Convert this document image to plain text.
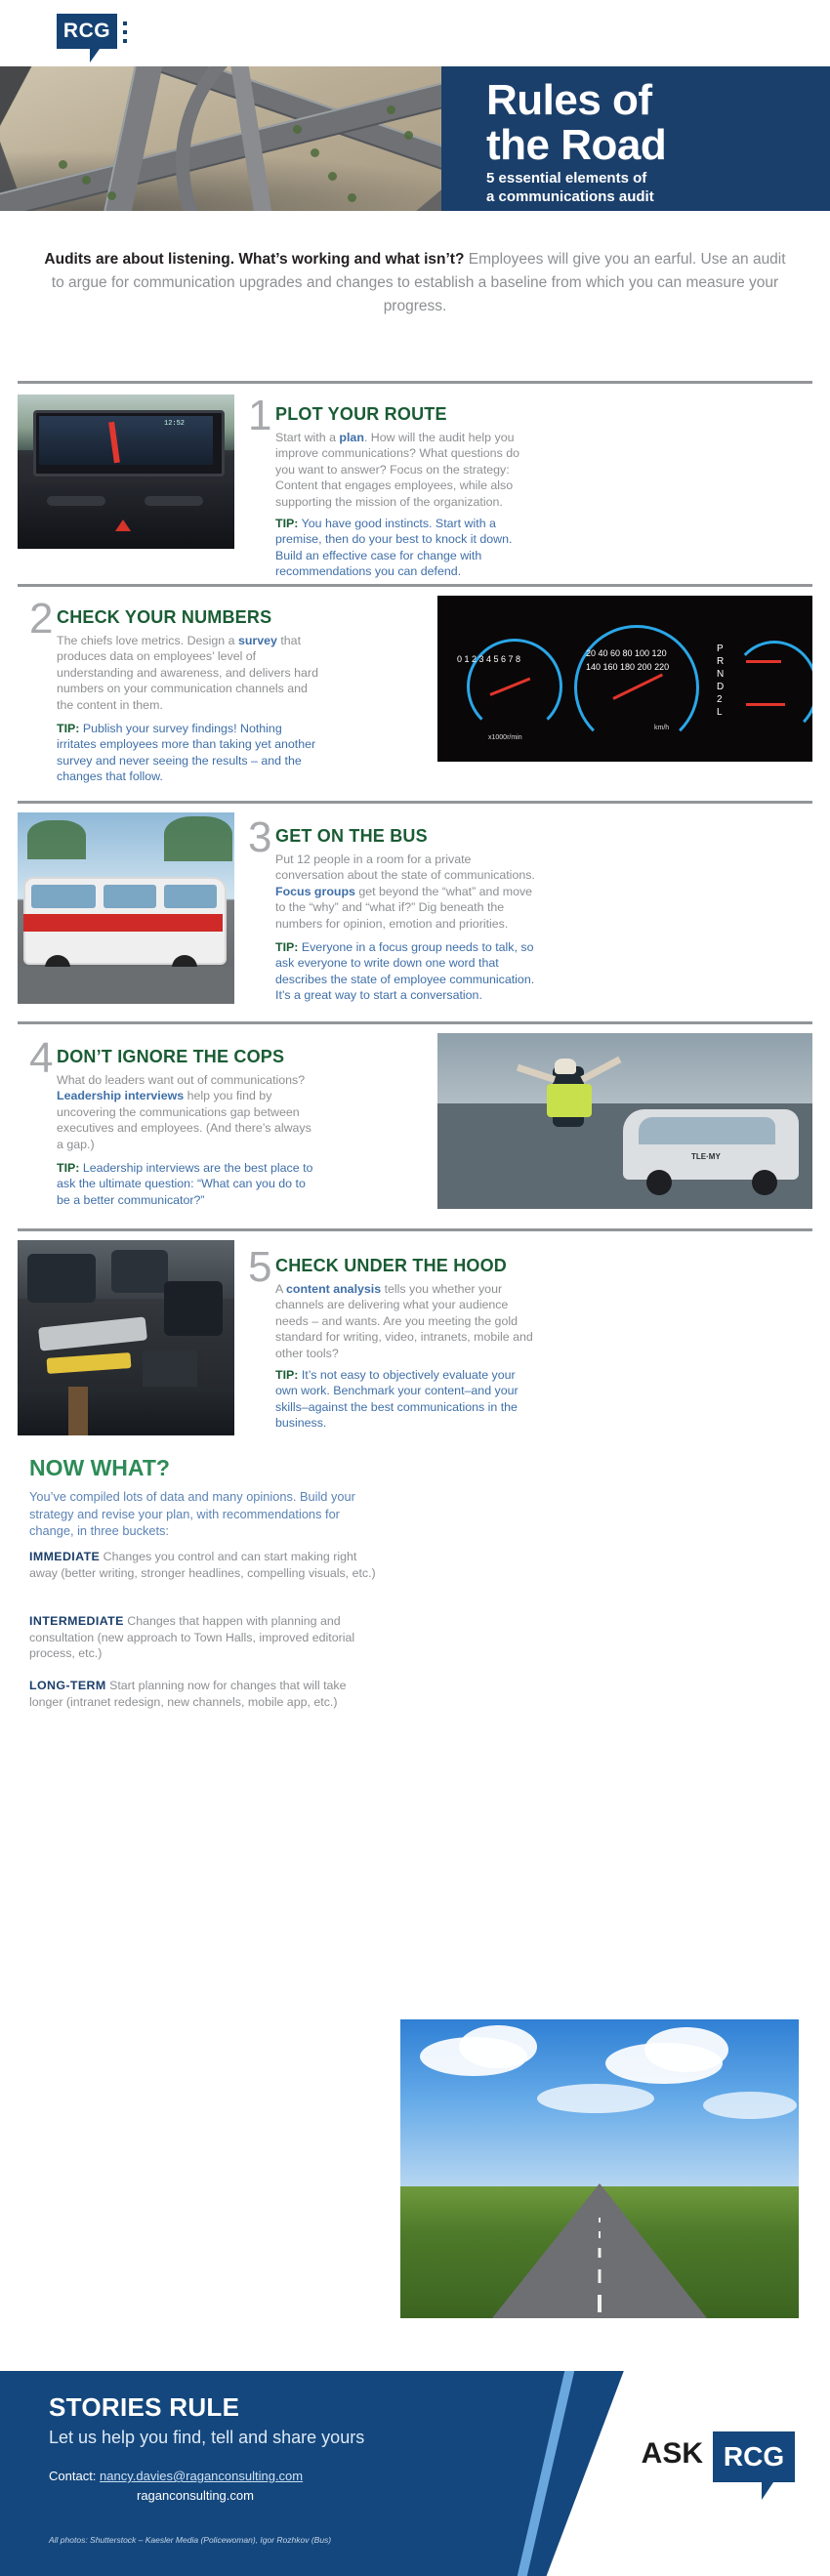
RCG
Rules of
the Road
5 essential elements of
a communications audit

Audits are about listening. What’s working and what isn’t? Employees will give you an earful. Use an audit to argue for communication upgrades and changes to establish a baseline from which you can measure your progress.

12:52 1 PLOT YOUR ROUTE
Start with a plan. How will the audit help you improve communications? What questions do you want to answer? Focus on the strategy: Content that engages employees, while also supporting the mission of the organization.
TIP: You have good instincts. Start with a premise, then do your best to knock it down. Build an effective case for change with recommendations you can defend.
0 1 2 3 4 5 6 7 8
x1000r/min
20 40 60 80 100 120 140 160 180 200 220
km/h
P
R
N
D
2
L
2 CHECK YOUR NUMBERS
The chiefs love metrics. Design a survey that produces data on employees’ level of understanding and awareness, and delivers hard numbers on your communication channels and the content in them.
TIP: Publish your survey findings! Nothing irritates employees more than taking yet another survey and never seeing the results – and the changes that follow.
3 GET ON THE BUS
Put 12 people in a room for a private conversation about the state of communications. Focus groups get beyond the “what” and move to the “why” and “what if?” Dig beneath the numbers for opinion, emotion and priorities.
TIP: Everyone in a focus group needs to talk, so ask everyone to write down one word that describes the state of employee communication. It’s a great way to start a conversation.
TLE·MY
4 DON’T IGNORE THE COPS
What do leaders want out of communications? Leadership interviews help you find by uncovering the communications gap between executives and employees. (And there’s always a gap.)
TIP: Leadership interviews are the best place to ask the ultimate question: “What can you do to be a better communicator?”
5 CHECK UNDER THE HOOD
A content analysis tells you whether your channels are delivering what your audience needs – and wants. Are you meeting the gold standard for writing, video, intranets, mobile and other tools?
TIP: It’s not easy to objectively evaluate your own work. Benchmark your content–and your skills–against the best communications in the business.
NOW WHAT?
You’ve compiled lots of data and many opinions. Build your strategy and revise your plan, with recommendations for change, in three buckets:
IMMEDIATE Changes you control and can start making right away (better writing, stronger headlines, compelling visuals, etc.)
INTERMEDIATE Changes that happen with planning and consultation (new approach to Town Halls, improved editorial process, etc.)
LONG-TERM Start planning now for changes that will take longer (intranet redesign, new channels, mobile app, etc.)
STORIES RULE
Let us help you find, tell and share yours
Contact: nancy.davies@raganconsulting.com
raganconsulting.com
All photos: Shutterstock – Kaesler Media (Policewoman), Igor Rozhkov (Bus)
ASK RCG
